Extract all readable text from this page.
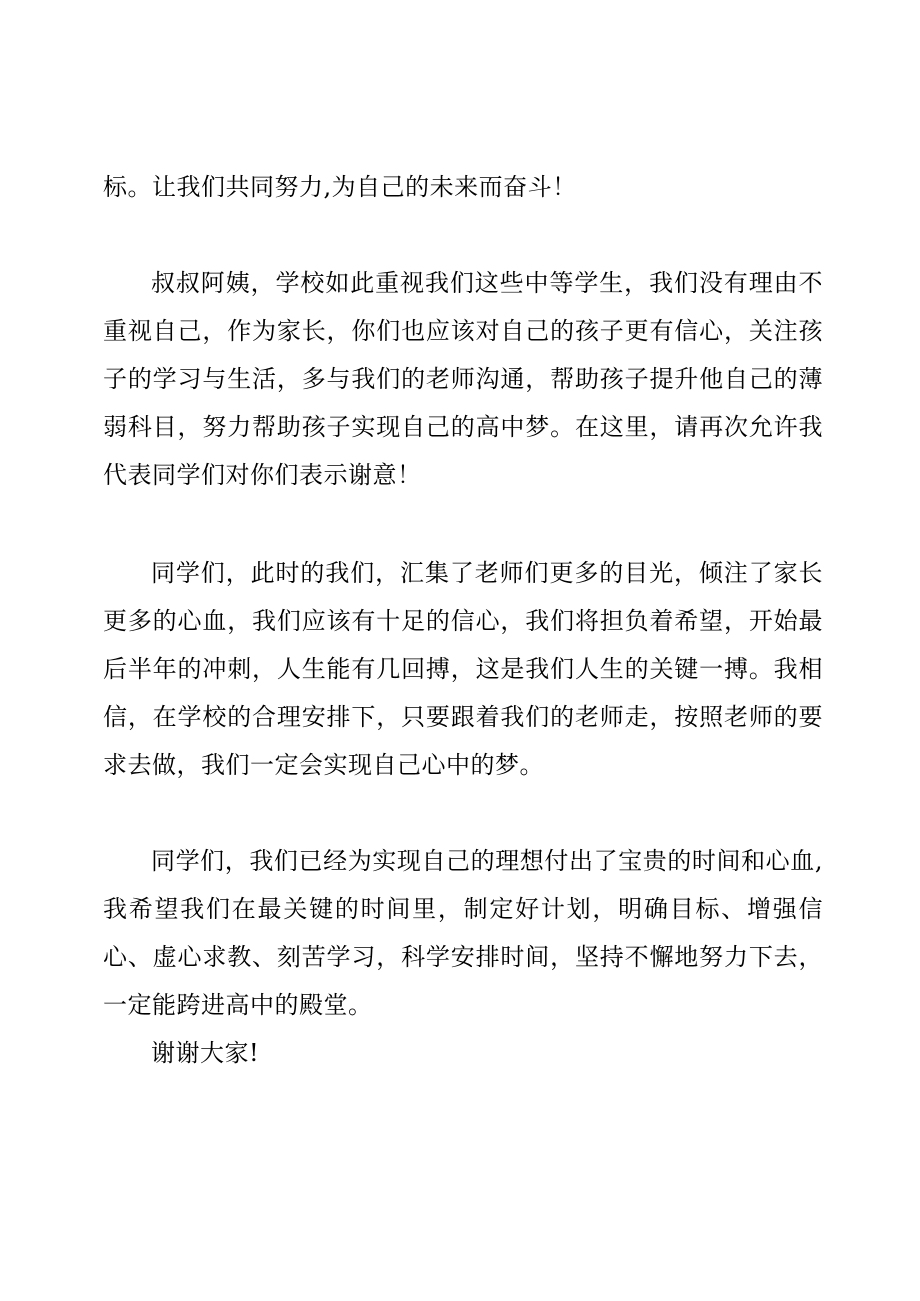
标。让我们共同努力,为自己的未来而奋斗！

叔叔阿姨，学校如此重视我们这些中等学生，我们没有理由不重视自己，作为家长，你们也应该对自己的孩子更有信心，关注孩子的学习与生活，多与我们的老师沟通，帮助孩子提升他自己的薄弱科目，努力帮助孩子实现自己的高中梦。在这里，请再次允许我代表同学们对你们表示谢意！

同学们，此时的我们，汇集了老师们更多的目光，倾注了家长更多的心血，我们应该有十足的信心，我们将担负着希望，开始最后半年的冲刺，人生能有几回搏，这是我们人生的关键一搏。我相信，在学校的合理安排下，只要跟着我们的老师走，按照老师的要求去做，我们一定会实现自己心中的梦。

同学们，我们已经为实现自己的理想付出了宝贵的时间和心血,我希望我们在最关键的时间里，制定好计划，明确目标、增强信心、虚心求教、刻苦学习，科学安排时间，坚持不懈地努力下去，一定能跨进高中的殿堂。

谢谢大家!
